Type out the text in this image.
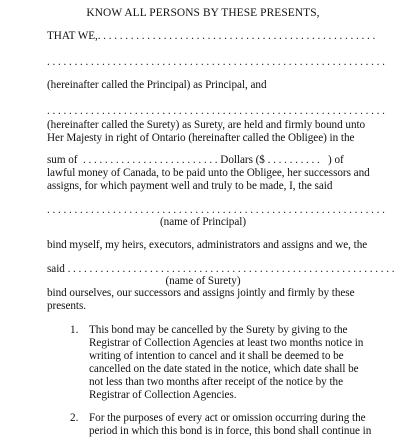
KNOW ALL PERSONS BY THESE PRESENTS,
THAT WE,. . . . . . . . . . . . . . . . . . . . . . . . . . . . . . . . . . . . . . . . . . . . . . . . . . .
. . . . . . . . . . . . . . . . . . . . . . . . . . . . . . . . . . . . . . . . . . . . . . . . . . . . . . . . . . . . . .
(hereinafter called the Principal) as Principal, and
. . . . . . . . . . . . . . . . . . . . . . . . . . . . . . . . . . . . . . . . . . . . . . . . . . . . . . . . . . . . . .
(hereinafter called the Surety) as Surety, are held and firmly bound unto
Her Majesty in right of Ontario (hereinafter called the Obligee) in the
sum of  . . . . . . . . . . . . . . . . . . . . . . . . . Dollars ($ . . . . . . . . . .   ) of
lawful money of Canada, to be paid unto the Obligee, her successors and
assigns, for which payment well and truly to be made, I, the said
. . . . . . . . . . . . . . . . . . . . . . . . . . . . . . . . . . . . . . . . . . . . . . . . . . . . . . . . . . . . . .
(name of Principal)
bind myself, my heirs, executors, administrators and assigns and we, the
said . . . . . . . . . . . . . . . . . . . . . . . . . . . . . . . . . . . . . . . . . . . . . . . . . . . . . . . . . . . .
(name of Surety)
bind ourselves, our successors and assigns jointly and firmly by these
presents.
1. This bond may be cancelled by the Surety by giving to the
Registrar of Collection Agencies at least two months notice in
writing of intention to cancel and it shall be deemed to be
cancelled on the date stated in the notice, which date shall be
not less than two months after receipt of the notice by the
Registrar of Collection Agencies.
2. For the purposes of every act or omission occurring during the
period in which this bond is in force, this bond shall continue in
